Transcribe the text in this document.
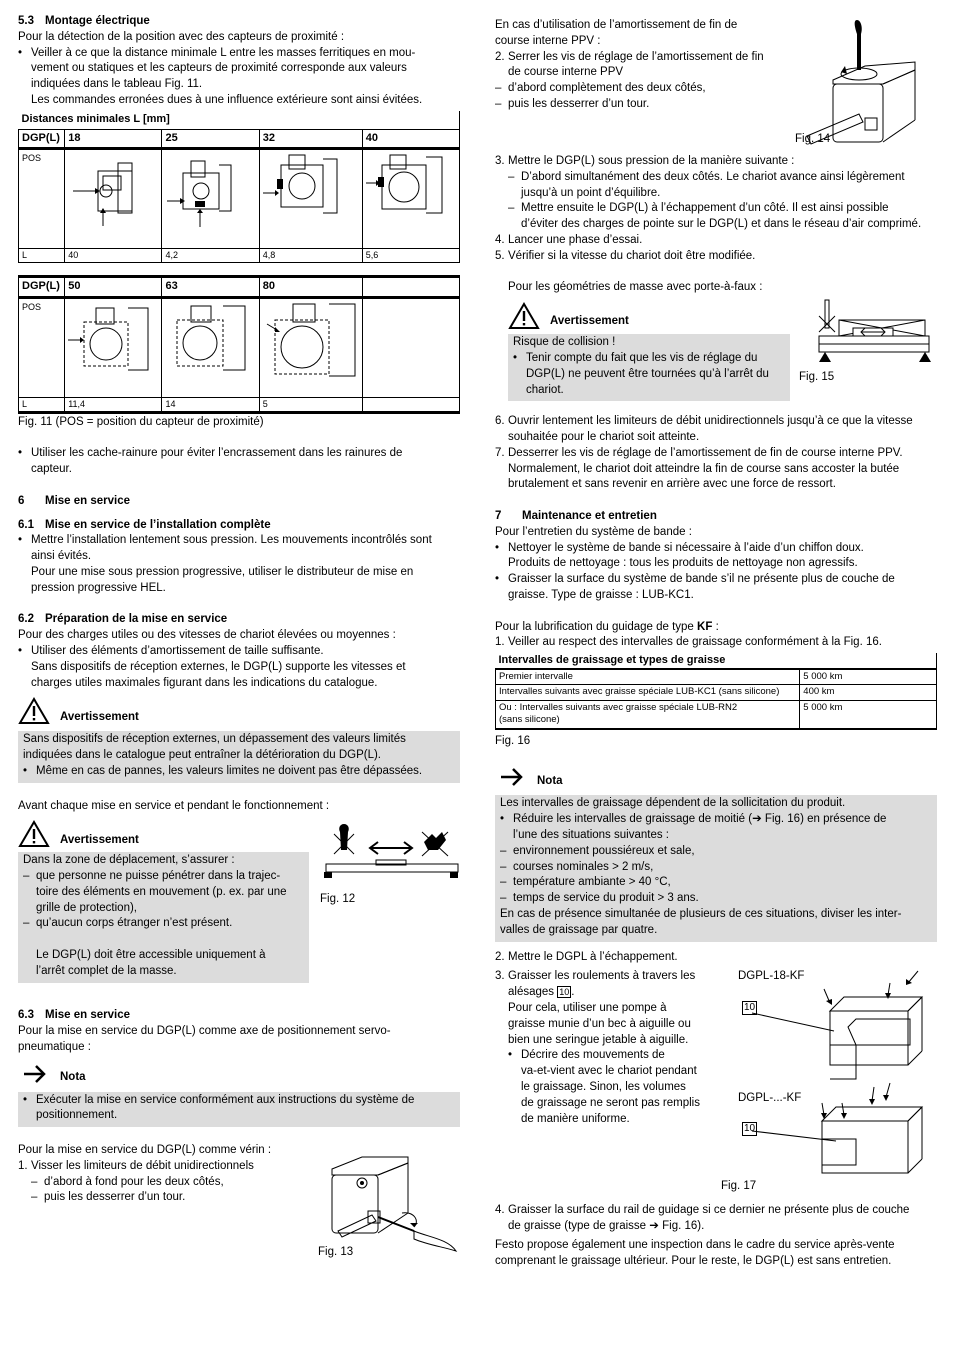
5.3 Montage électrique

Pour la détection de la position avec des capteurs de proximité :

• Veiller à ce que la distance minimale L entre les masses ferritiques en mou-
vement ou statiques et les capteurs de proximité corresponde aux valeurs
indiquées dans le tableau Fig. 11.
Les commandes erronées dues à une influence extérieure sont ainsi évitées.
Distances minimales L [mm]				
DGP(L)	18	25	32	40
POS				
L	40	4,2	4,8	5,6

DGP(L)	50	63	80	
POS				
L	11,4	14	5	

Fig. 11 (POS = position du capteur de proximité)

• Utiliser les cache-rainure pour éviter l’encrassement dans les rainures de
capteur.
6 Mise en service
6.1 Mise en service de l’installation complète
• Mettre l’installation lentement sous pression. Les mouvements incontrôlés sont
ainsi évités.
Pour une mise sous pression progressive, utiliser le distributeur de mise en
pression progressive HEL.
6.2 Préparation de la mise en service

Pour des charges utiles ou des vitesses de chariot élevées ou moyennes :

• Utiliser des éléments d’amortissement de taille suffisante.
Sans dispositifs de réception externes, le DGP(L) supporte les vitesses et
charges utiles maximales figurant dans les indications du catalogue.
Avertissement
Sans dispositifs de réception externes, un dépassement des valeurs limités
indiquées dans le catalogue peut entraîner la détérioration du DGP(L).
• Même en cas de pannes, les valeurs limites ne doivent pas être dépassées.

Avant chaque mise en service et pendant le fonctionnement :

Avertissement
Dans la zone de déplacement, s’assurer :
– que personne ne puisse pénétrer dans la trajec-
toire des éléments en mouvement (p. ex. par une
grille de protection),
– qu’aucun corps étranger n’est présent.
Le DGP(L) doit être accessible uniquement à
l’arrêt complet de la masse.

Fig. 12

6.3 Mise en service

Pour la mise en service du DGP(L) comme axe de positionnement servo-

pneumatique :

Nota
• Exécuter la mise en service conformément aux instructions du système de
positionnement.

Pour la mise en service du DGP(L) comme vérin :

1. Visser les limiteurs de débit unidirectionnels
– d’abord à fond pour les deux côtés,
– puis les desserrer d’un tour.

Fig. 13

En cas d’utilisation de l’amortissement de fin de

course interne PPV :

2. Serrer les vis de réglage de l’amortissement de fin
de course interne PPV
– d’abord complètement des deux côtés,
– puis les desserrer d’un tour.

Fig. 14

3. Mettre le DGP(L) sous pression de la manière suivante :
– D’abord simultanément des deux côtés. Le chariot avance ainsi légèrement
jusqu’à un point d’équilibre.
– Mettre ensuite le DGP(L) à l’échappement d’un côté. Il est ainsi possible
d’éviter des charges de pointe sur le DGP(L) et dans le réseau d’air comprimé.
4. Lancer une phase d’essai.
5. Vérifier si la vitesse du chariot doit être modifiée.

Pour les géométries de masse avec porte-à-faux :

Avertissement
Risque de collision !
• Tenir compte du fait que les vis de réglage du
DGP(L) ne peuvent être tournées qu’à l’arrêt du
chariot.

Fig. 15

6. Ouvrir lentement les limiteurs de débit unidirectionnels jusqu’à ce que la vitesse
souhaitée pour le chariot soit atteinte.
7. Desserrer les vis de réglage de l’amortissement de fin de course interne PPV.
Normalement, le chariot doit atteindre la fin de course sans accoster la butée
brutalement et sans revenir en arrière avec une force de ressort.
7 Maintenance et entretien

Pour l’entretien du système de bande :

• Nettoyer le système de bande si nécessaire à l’aide d’un chiffon doux.
Produits de nettoyage : tous les produits de nettoyage non agressifs.
• Graisser la surface du système de bande s’il ne présente plus de couche de
graisse. Type de graisse : LUB-KC1.

Pour la lubrification du guidage de type KF :

1. Veiller au respect des intervalles de graissage conformément à la Fig. 16.
Intervalles de graissage et types de graisse	
Premier intervalle	5 000 km
Intervalles suivants avec graisse spéciale LUB-KC1 (sans silicone)	400 km

Ou : Intervalles suivants avec graisse spéciale LUB-RN2
(sans silicone)	5 000 km

Fig. 16

Nota
Les intervalles de graissage dépendent de la sollicitation du produit.
• Réduire les intervalles de graissage de moitié (➔ Fig. 16) en présence de
l’une des situations suivantes :
– environnement poussiéreux et sale,
– courses nominales > 2 m/s,
– température ambiante > 40 °C,
– temps de service du produit > 3 ans.
En cas de présence simultanée de plusieurs de ces situations, diviser les inter-
valles de graissage par quatre.
2. Mettre le DGPL à l’échappement.
3. Graisser les roulements à travers les
alésages 10 .
Pour cela, utiliser une pompe à
graisse munie d’un bec à aiguille ou
bien une seringue jetable à aiguille.
• Décrire des mouvements de
va-et-vient avec le chariot pendant
le graissage. Sinon, les volumes
de graissage ne seront pas remplis
de manière uniforme.

DGPL-18-KF

DGPL-...-KF

10
10

Fig. 17

4. Graisser la surface du rail de guidage si ce dernier ne présente plus de couche
de graisse (type de graisse ➔ Fig. 16).

Festo propose également une inspection dans le cadre du service après-vente

comprenant le graissage ultérieur. Pour le reste, le DGP(L) est sans entretien.
